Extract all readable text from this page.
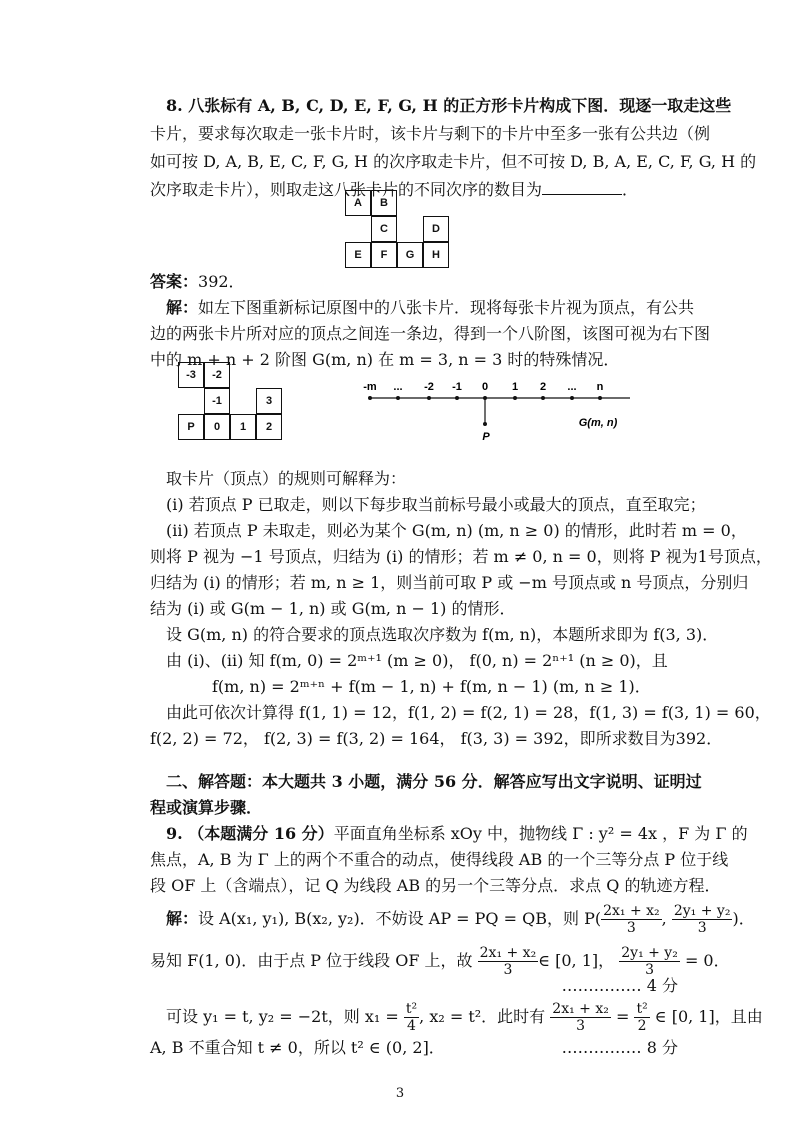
8. 八张标有 A, B, C, D, E, F, G, H 的正方形卡片构成下图．现逐一取走这些
卡片，要求每次取走一张卡片时，该卡片与剩下的卡片中至多一张有公共边（例
如可按 D, A, B, E, C, F, G, H 的次序取走卡片，但不可按 D, B, A, E, C, F, G, H 的
次序取走卡片），则取走这八张卡片的不同次序的数目为	．
A	B
C	D
E	F	G	H
答案：392．
解：如左下图重新标记原图中的八张卡片．现将每张卡片视为顶点，有公共
边的两张卡片所对应的顶点之间连一条边，得到一个八阶图，该图可视为右下图
中的 m + n + 2 阶图 G(m, n) 在 m = 3, n = 3 时的特殊情况．
-3	-2
-1	3
P	0	1	2
-m ... -2 -1 0 1 2 ... n
P
G(m, n)
取卡片（顶点）的规则可解释为：
(i) 若顶点 P 已取走，则以下每步取当前标号最小或最大的顶点，直至取完；
(ii) 若顶点 P 未取走，则必为某个 G(m, n) (m, n ≥ 0) 的情形，此时若 m = 0，
则将 P 视为 −1 号顶点，归结为 (i) 的情形；若 m ≠ 0, n = 0，则将 P 视为1号顶点，
归结为 (i) 的情形；若 m, n ≥ 1，则当前可取 P 或 −m 号顶点或 n 号顶点，分别归
结为 (i) 或 G(m − 1, n) 或 G(m, n − 1) 的情形．
设 G(m, n) 的符合要求的顶点选取次序数为 f(m, n)，本题所求即为 f(3, 3)．
由 (i)、(ii) 知 f(m, 0) = 2ᵐ⁺¹ (m ≥ 0)， f(0, n) = 2ⁿ⁺¹ (n ≥ 0)，且
f(m, n) = 2ᵐ⁺ⁿ + f(m − 1, n) + f(m, n − 1) (m, n ≥ 1)．
由此可依次计算得 f(1, 1) = 12，f(1, 2) = f(2, 1) = 28，f(1, 3) = f(3, 1) = 60，
f(2, 2) = 72， f(2, 3) = f(3, 2) = 164， f(3, 3) = 392，即所求数目为392．
二、解答题：本大题共 3 小题，满分 56 分．解答应写出文字说明、证明过
程或演算步骤．
9. （本题满分 16 分）平面直角坐标系 xOy 中，抛物线 Γ : y² = 4x ，F 为 Γ 的
焦点，A, B 为 Γ 上的两个不重合的动点，使得线段 AB 的一个三等分点 P 位于线
段 OF 上（含端点），记 Q 为线段 AB 的另一个三等分点．求点 Q 的轨迹方程．
解：设 A(x₁, y₁), B(x₂, y₂)．不妨设 AP = PQ = QB，则 $P( \frac{\text{2x₁ + x₂}}{3}$ , $\frac{\text{2y₁ + y₂}}{3}$ )．
易知 F(1, 0)．由于点 P 位于线段 OF 上，故 $\frac{\text{2x₁ + x₂}}{3}$ ∈ [0, 1]， $\frac{\text{2y₁ + y₂}}{3} = 0$．
…………… 4 分
可设 y₁ = t, y₂ = −2t，则 $x_1 = \frac{\text{t²}}{4}$ , x₂ = t²．此时有 $\frac{\text{2x₁ + x₂}}{3} = \frac{\text{t²}}{2}$ ∈ [0, 1]，且由
A, B 不重合知 t ≠ 0，所以 t² ∈ (0, 2]．	…………… 8 分
3
